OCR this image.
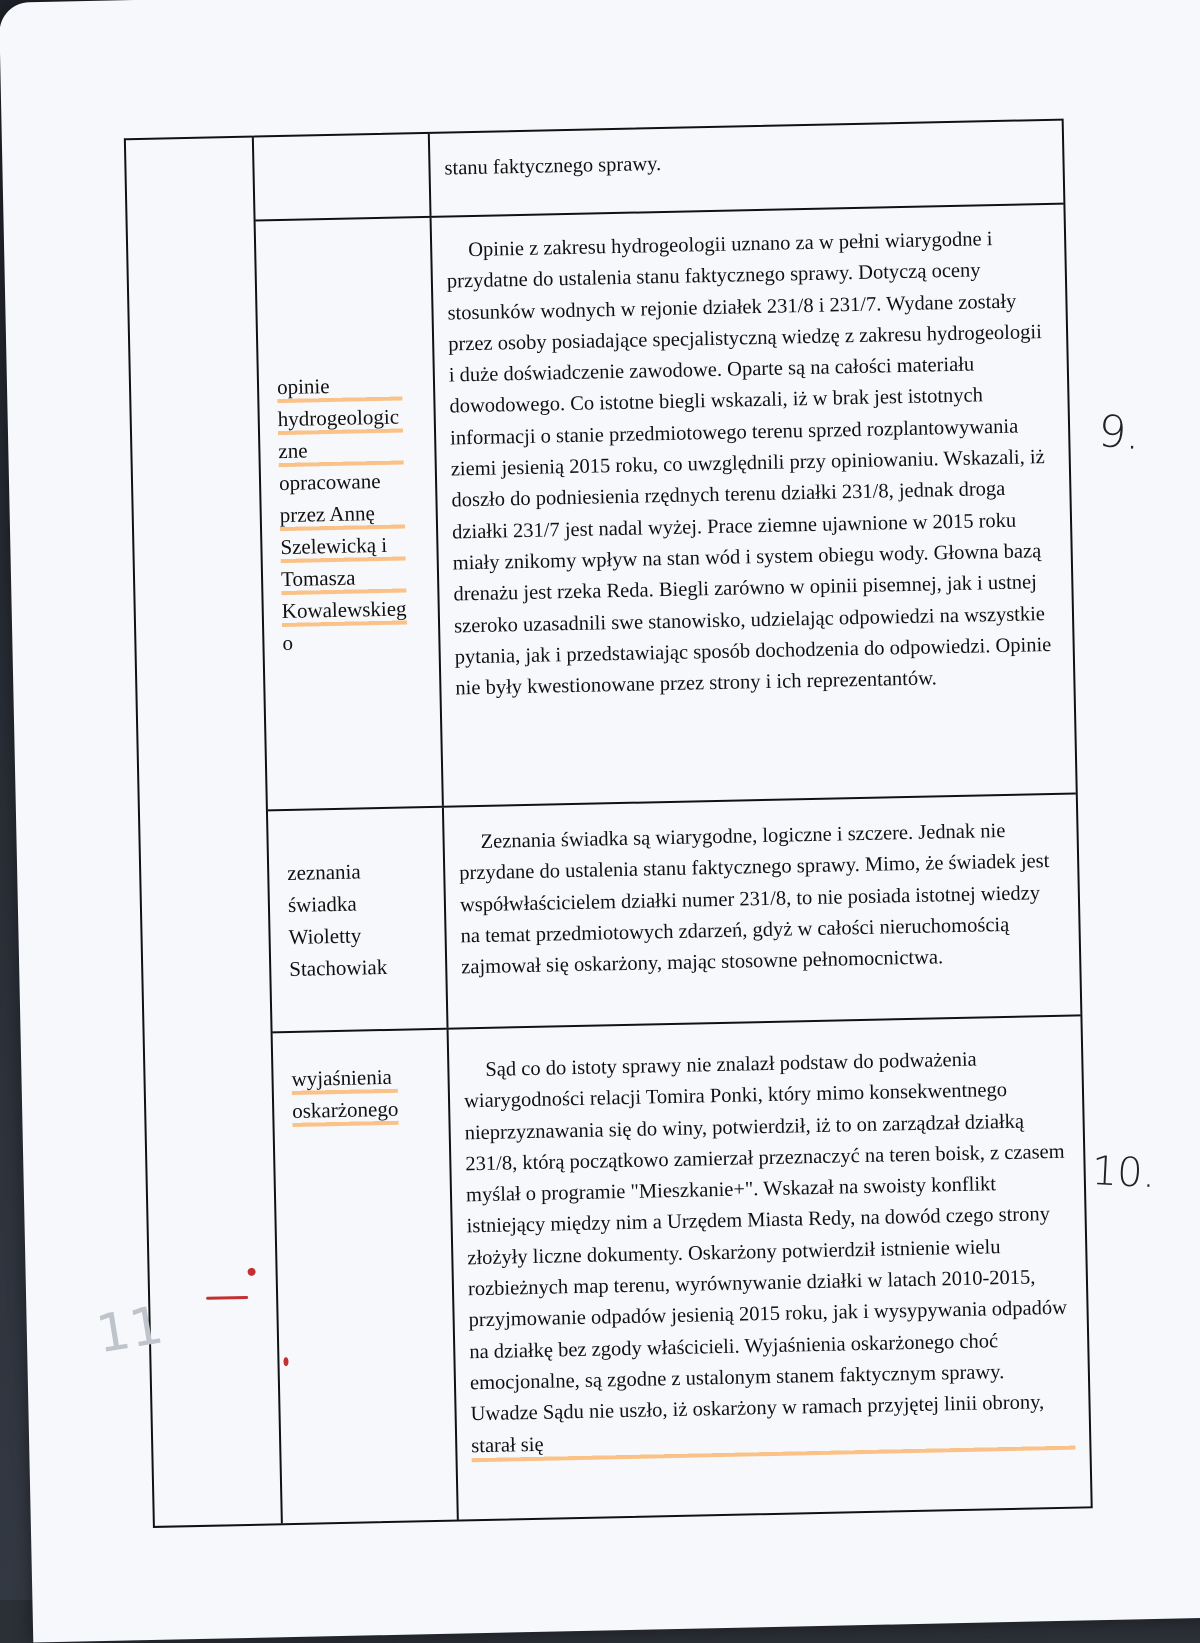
stanu faktycznego sprawy.

opinie
hydrogeologic
zne
opracowane
przez Annę
Szelewicką i
Tomasza
Kowalewskieg
o

Opinie z zakresu hydrogeologii uznano za w pełni wiarygodne i przydatne do ustalenia stanu faktycznego sprawy. Dotyczą oceny stosunków wodnych w rejonie działek 231/8 i 231/7. Wydane zostały przez osoby posiadające specjalistyczną wiedzę z zakresu hydrogeologii i duże doświadczenie zawodowe. Oparte są na całości materiału dowodowego. Co istotne biegli wskazali, iż w brak jest istotnych informacji o stanie przedmiotowego terenu sprzed rozplantowywania ziemi jesienią 2015 roku, co uwzględnili przy opiniowaniu. Wskazali, iż doszło do podniesienia rzędnych terenu działki 231/8, jednak droga działki 231/7 jest nadal wyżej. Prace ziemne ujawnione w 2015 roku miały znikomy wpływ na stan wód i system obiegu wody. Głowna bazą drenażu jest rzeka Reda. Biegli zarówno w opinii pisemnej, jak i ustnej szeroko uzasadnili swe stanowisko, udzielając odpowiedzi na wszystkie pytania, jak i przedstawiając sposób dochodzenia do odpowiedzi. Opinie nie były kwestionowane przez strony i ich reprezentantów.

zeznania
świadka
Wioletty
Stachowiak

Zeznania świadka są wiarygodne, logiczne i szczere. Jednak nie przydane do ustalenia stanu faktycznego sprawy. Mimo, że świadek jest współwłaścicielem działki numer 231/8, to nie posiada istotnej wiedzy na temat przedmiotowych zdarzeń, gdyż w całości nieruchomością zajmował się oskarżony, mając stosowne pełnomocnictwa.

wyjaśnienia
oskarżonego

Sąd co do istoty sprawy nie znalazł podstaw do podważenia wiarygodności relacji Tomira Ponki, który mimo konsekwentnego nieprzyznawania się do winy, potwierdził, iż to on zarządzał działką 231/8, którą początkowo zamierzał przeznaczyć na teren boisk, z czasem myślał o programie "Mieszkanie+". Wskazał na swoisty konflikt istniejący między nim a Urzędem Miasta Redy, na dowód czego strony złożyły liczne dokumenty. Oskarżony potwierdził istnienie wielu rozbieżnych map terenu, wyrównywanie działki w latach 2010-2015, przyjmowanie odpadów jesienią 2015 roku, jak i wysypywania odpadów na działkę bez zgody właścicieli. Wyjaśnienia oskarżonego choć emocjonalne, są zgodne z ustalonym stanem faktycznym sprawy. Uwadze Sądu nie uszło, iż oskarżony w ramach przyjętej linii obrony, starał się

9.
10.
11
